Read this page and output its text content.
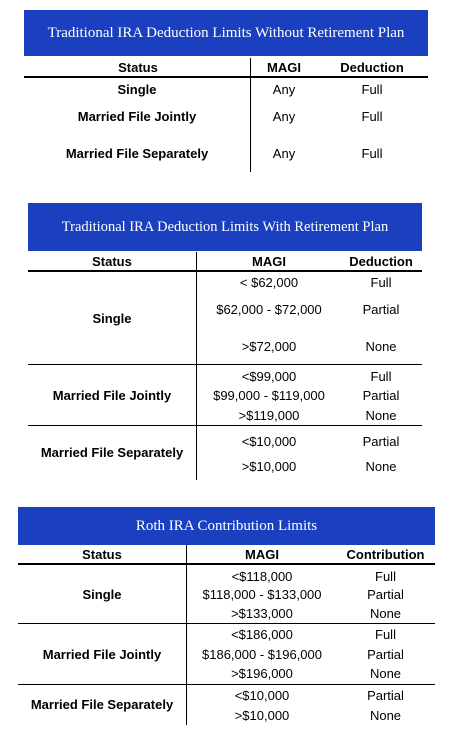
Traditional IRA Deduction Limits Without Retirement Plan
Status	MAGI	Deduction
Single	Any	Full
Married File Jointly	Any	Full
Married File Separately	Any	Full
Traditional IRA Deduction Limits With Retirement Plan
Status	MAGI	Deduction
Single
< $62,000	Full
$62,000 - $72,000	Partial
>$72,000	None
Married File Jointly
<$99,000	Full
$99,000 - $119,000	Partial
>$119,000	None
Married File Separately
<$10,000	Partial
>$10,000	None
Roth IRA Contribution Limits
Status	MAGI	Contribution
Single
<$118,000	Full
$118,000 - $133,000	Partial
>$133,000	None
Married File Jointly
<$186,000	Full
$186,000 - $196,000	Partial
>$196,000	None
Married File Separately
<$10,000	Partial
>$10,000	None
